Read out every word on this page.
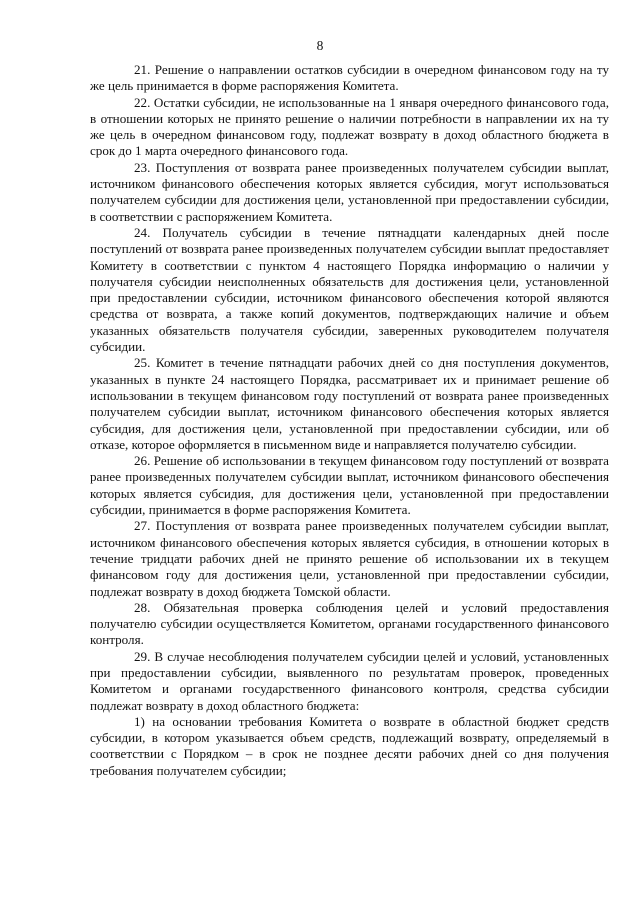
8

21. Решение о направлении остатков субсидии в очередном финансовом году на ту же цель принимается в форме распоряжения Комитета.

22. Остатки субсидии, не использованные на 1 января очередного финансового года, в отношении которых не принято решение о наличии потребности в направлении их на ту же цель в очередном финансовом году, подлежат возврату в доход областного бюджета в срок до 1 марта очередного финансового года.

23. Поступления от возврата ранее произведенных получателем субсидии выплат, источником финансового обеспечения которых является субсидия, могут использоваться получателем субсидии для достижения цели, установленной при предоставлении субсидии, в соответствии с распоряжением Комитета.

24. Получатель субсидии в течение пятнадцати календарных дней после поступлений от возврата ранее произведенных получателем субсидии выплат предоставляет Комитету в соответствии с пунктом 4 настоящего Порядка информацию о наличии у получателя субсидии неисполненных обязательств для достижения цели, установленной при предоставлении субсидии, источником финансового обеспечения которой являются средства от возврата, а также копий документов, подтверждающих наличие и объем указанных обязательств получателя субсидии, заверенных руководителем получателя субсидии.

25. Комитет в течение пятнадцати рабочих дней со дня поступления документов, указанных в пункте 24 настоящего Порядка, рассматривает их и принимает решение об использовании в текущем финансовом году поступлений от возврата ранее произведенных получателем субсидии выплат, источником финансового обеспечения которых является субсидия, для достижения цели, установленной при предоставлении субсидии, или об отказе, которое оформляется в письменном виде и направляется получателю субсидии.

26. Решение об использовании в текущем финансовом году поступлений от возврата ранее произведенных получателем субсидии выплат, источником финансового обеспечения которых является субсидия, для достижения цели, установленной при предоставлении субсидии, принимается в форме распоряжения Комитета.

27. Поступления от возврата ранее произведенных получателем субсидии выплат, источником финансового обеспечения которых является субсидия, в отношении которых в течение тридцати рабочих дней не принято решение об использовании их в текущем финансовом году для достижения цели, установленной при предоставлении субсидии, подлежат возврату в доход бюджета Томской области.

28. Обязательная проверка соблюдения целей и условий предоставления получателю субсидии осуществляется Комитетом, органами государственного финансового контроля.

29. В случае несоблюдения получателем субсидии целей и условий, установленных при предоставлении субсидии, выявленного по результатам проверок, проведенных Комитетом и органами государственного финансового контроля, средства субсидии подлежат возврату в доход областного бюджета:

1) на основании требования Комитета о возврате в областной бюджет средств субсидии, в котором указывается объем средств, подлежащий возврату, определяемый в соответствии с Порядком – в срок не позднее десяти рабочих дней со дня получения требования получателем субсидии;
